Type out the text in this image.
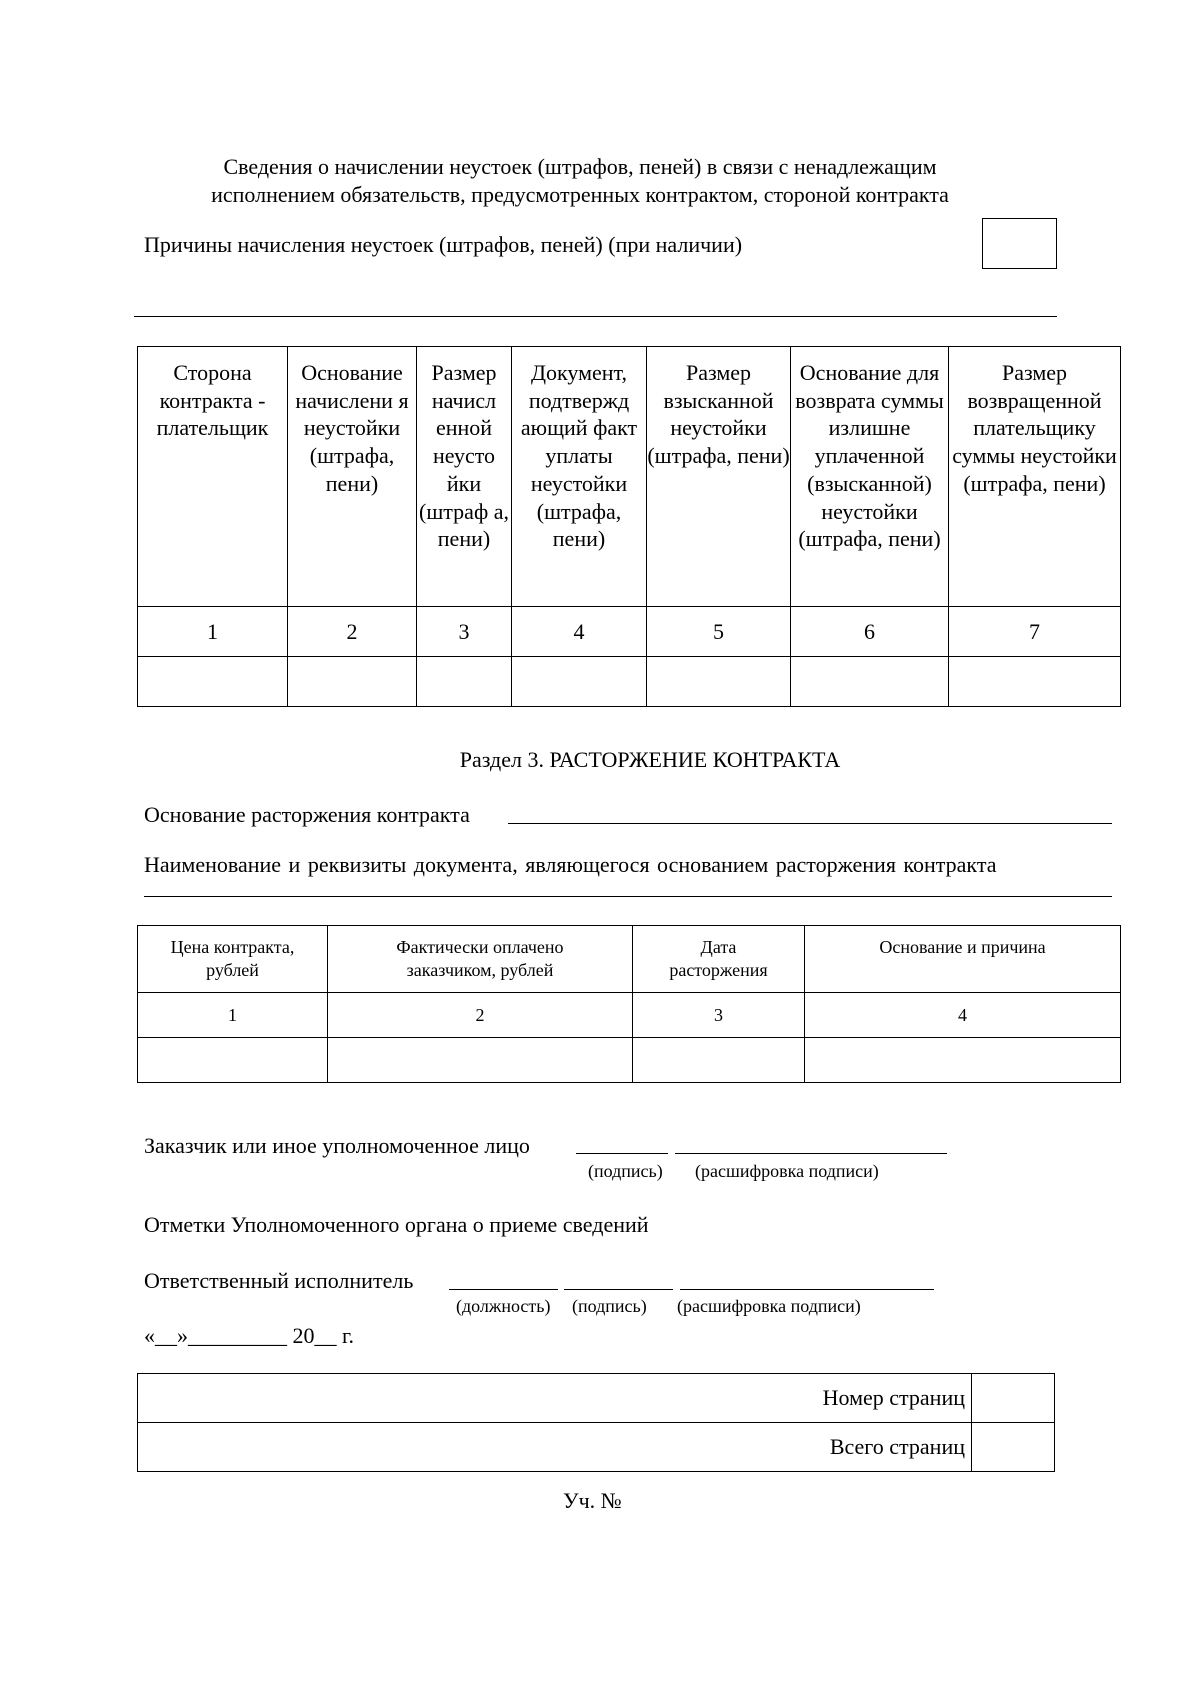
Сведения о начислении неустоек (штрафов, пеней) в связи с ненадлежащим
исполнением обязательств, предусмотренных контрактом, стороной контракта
Причины начисления неустоек (штрафов, пеней) (при наличии)
Сторона контракта - плательщик	Основание начислени я неустойки (штрафа, пени)	Размер начисл енной неусто йки (штраф а, пени)	Документ, подтвержд ающий факт уплаты неустойки (штрафа, пени)	Размер взысканной неустойки (штрафа, пени)	Основание для возврата суммы излишне уплаченной (взысканной) неустойки (штрафа, пени)	Размер возвращенной плательщику суммы неустойки (штрафа, пени)
1	2	3	4	5	6	7

Раздел 3. РАСТОРЖЕНИЕ КОНТРАКТА
Основание расторжения контракта
Наименование и реквизиты документа, являющегося основанием расторжения контракта
Цена контракта, рублей	Фактически оплачено заказчиком, рублей	Дата расторжения	Основание и причина
1	2	3	4

Заказчик или иное уполномоченное лицо
(подпись) (расшифровка подписи)
Отметки Уполномоченного органа о приеме сведений
Ответственный исполнитель
(должность) (подпись) (расшифровка подписи)
«__»_________ 20__ г.
Номер страниц	
Всего страниц	
Уч. №
